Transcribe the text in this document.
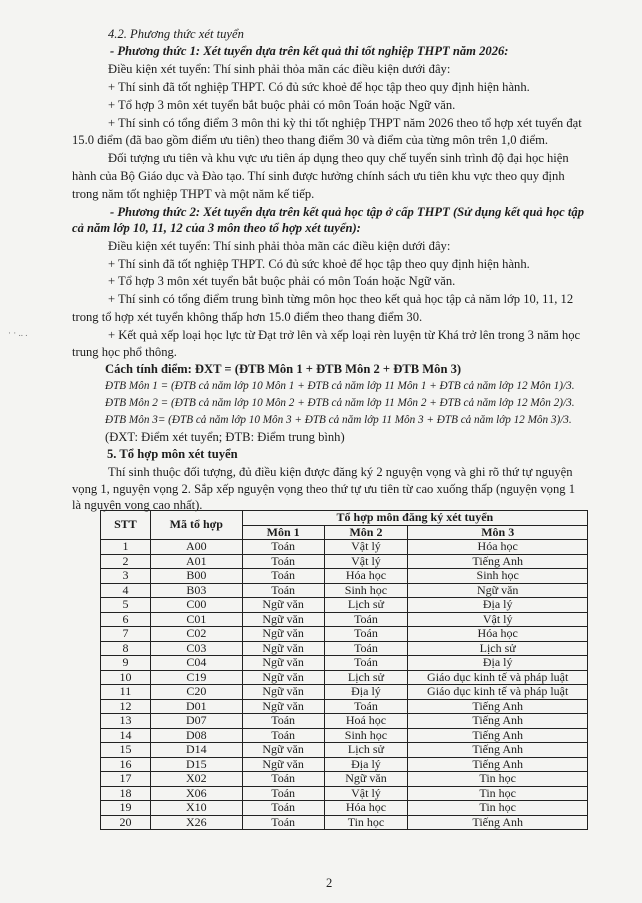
4.2. Phương thức xét tuyển
- Phương thức 1: Xét tuyển dựa trên kết quả thi tốt nghiệp THPT năm 2026:
Điều kiện xét tuyển: Thí sinh phải thỏa mãn các điều kiện dưới đây:
+ Thí sinh đã tốt nghiệp THPT. Có đủ sức khoẻ để học tập theo quy định hiện hành.
+ Tổ hợp 3 môn xét tuyển bắt buộc phải có môn Toán hoặc Ngữ văn.
+ Thí sinh có tổng điểm 3 môn thi kỳ thi tốt nghiệp THPT năm 2026 theo tổ hợp xét tuyển đạt
15.0 điểm (đã bao gồm điểm ưu tiên) theo thang điểm 30 và điểm của từng môn trên 1,0 điểm.
Đối tượng ưu tiên và khu vực ưu tiên áp dụng theo quy chế tuyển sinh trình độ đại học hiện
hành của Bộ Giáo dục và Đào tạo. Thí sinh được hưởng chính sách ưu tiên khu vực theo quy định
trong năm tốt nghiệp THPT và một năm kế tiếp.
- Phương thức 2: Xét tuyển dựa trên kết quả học tập ở cấp THPT (Sử dụng kết quả học tập
cả năm lớp 10, 11, 12 của 3 môn theo tổ hợp xét tuyển):
Điều kiện xét tuyển: Thí sinh phải thỏa mãn các điều kiện dưới đây:
+ Thí sinh đã tốt nghiệp THPT. Có đủ sức khoẻ để học tập theo quy định hiện hành.
+ Tổ hợp 3 môn xét tuyển bắt buộc phải có môn Toán hoặc Ngữ văn.
+ Thí sinh có tổng điểm trung bình từng môn học theo kết quả học tập cả năm lớp 10, 11, 12
· · .. .
trong tổ hợp xét tuyển không thấp hơn 15.0 điểm theo thang điểm 30.
+ Kết quả xếp loại học lực từ Đạt trở lên và xếp loại rèn luyện từ Khá trở lên trong 3 năm học
trung học phổ thông.
Cách tính điểm: ĐXT = (ĐTB Môn 1 + ĐTB Môn 2 + ĐTB Môn 3)
ĐTB Môn 1 = (ĐTB cả năm lớp 10 Môn 1 + ĐTB cả năm lớp 11 Môn 1 + ĐTB cả năm lớp 12 Môn 1)/3.
ĐTB Môn 2 = (ĐTB cả năm lớp 10 Môn 2 + ĐTB cả năm lớp 11 Môn 2 + ĐTB cả năm lớp 12 Môn 2)/3.
ĐTB Môn 3= (ĐTB cả năm lớp 10 Môn 3 + ĐTB cả năm lớp 11 Môn 3 + ĐTB cả năm lớp 12 Môn 3)/3.
(ĐXT: Điểm xét tuyển; ĐTB: Điểm trung bình)
5. Tổ hợp môn xét tuyển
Thí sinh thuộc đối tượng, đủ điều kiện được đăng ký 2 nguyện vọng và ghi rõ thứ tự nguyện
vọng 1, nguyện vọng 2. Sắp xếp nguyện vọng theo thứ tự ưu tiên từ cao xuống thấp (nguyện vọng 1
là nguyện vọng cao nhất).
STT	Mã tổ hợp	Tổ hợp môn đăng ký xét tuyển		
		Môn 1	Môn 2	Môn 3
1	A00	Toán	Vật lý	Hóa học
2	A01	Toán	Vật lý	Tiếng Anh
3	B00	Toán	Hóa học	Sinh học
4	B03	Toán	Sinh học	Ngữ văn
5	C00	Ngữ văn	Lịch sử	Địa lý
6	C01	Ngữ văn	Toán	Vật lý
7	C02	Ngữ văn	Toán	Hóa học
8	C03	Ngữ văn	Toán	Lịch sử
9	C04	Ngữ văn	Toán	Địa lý
10	C19	Ngữ văn	Lịch sử	Giáo dục kinh tế và pháp luật
11	C20	Ngữ văn	Địa lý	Giáo dục kinh tế và pháp luật
12	D01	Ngữ văn	Toán	Tiếng Anh
13	D07	Toán	Hoá học	Tiếng Anh
14	D08	Toán	Sinh học	Tiếng Anh
15	D14	Ngữ văn	Lịch sử	Tiếng Anh
16	D15	Ngữ văn	Địa lý	Tiếng Anh
17	X02	Toán	Ngữ văn	Tin học
18	X06	Toán	Vật lý	Tin học
19	X10	Toán	Hóa học	Tin học
20	X26	Toán	Tin học	Tiếng Anh
2
